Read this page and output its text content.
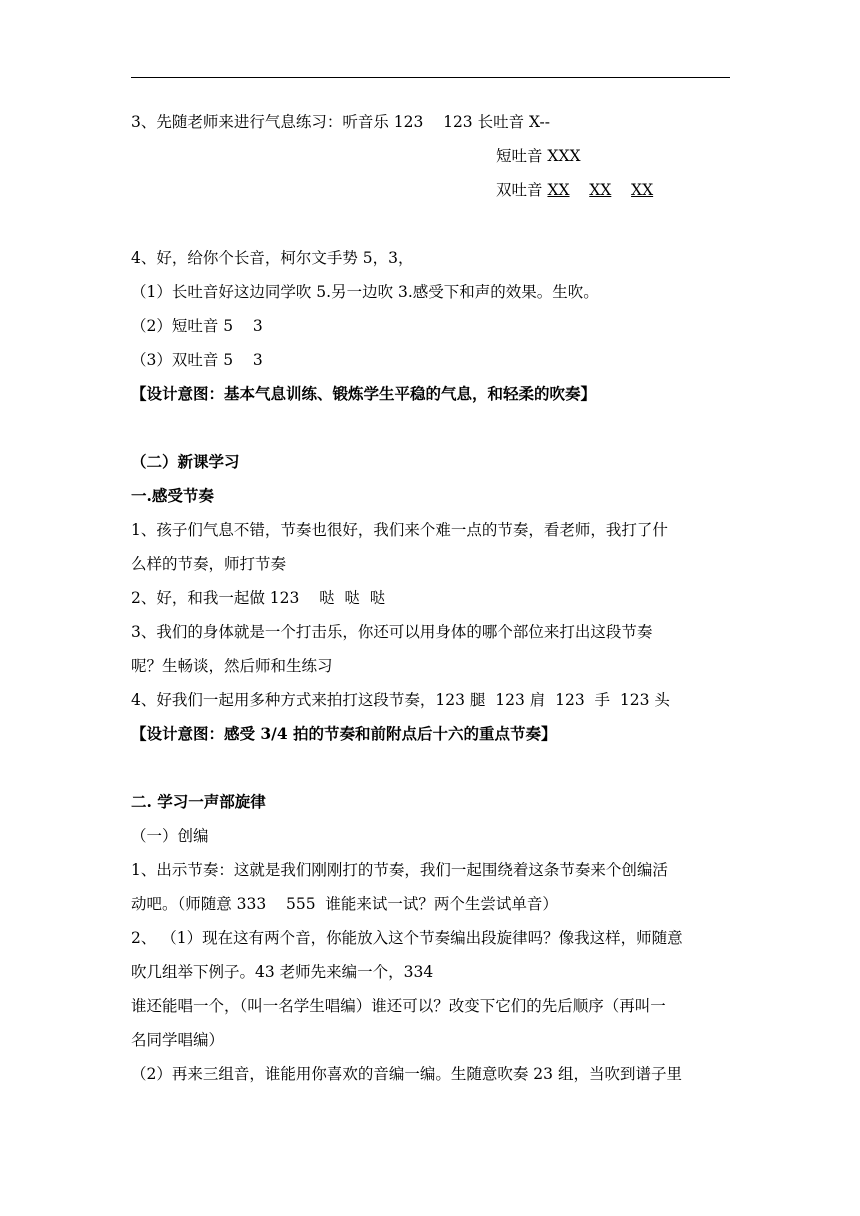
3、先随老师来进行气息练习：听音乐 123    123 长吐音 X--
短吐音 XXX
双吐音 XX XX XX
4、好，给你个长音，柯尔文手势 5，3，
（1）长吐音好这边同学吹 5.另一边吹 3.感受下和声的效果。生吹。
（2）短吐音 5    3
（3）双吐音 5    3
【设计意图：基本气息训练、锻炼学生平稳的气息，和轻柔的吹奏】
（二）新课学习
一.感受节奏
1、孩子们气息不错，节奏也很好，我们来个难一点的节奏，看老师，我打了什
么样的节奏，师打节奏
2、好，和我一起做 123    哒  哒  哒
3、我们的身体就是一个打击乐，你还可以用身体的哪个部位来打出这段节奏
呢？生畅谈，然后师和生练习
4、好我们一起用多种方式来拍打这段节奏，123 腿  123 肩  123  手  123 头
【设计意图：感受 3/4 拍的节奏和前附点后十六的重点节奏】
二. 学习一声部旋律
（一）创编
1、出示节奏：这就是我们刚刚打的节奏，我们一起围绕着这条节奏来个创编活
动吧。（师随意 333    555  谁能来试一试？两个生尝试单音）
2、 （1）现在这有两个音，你能放入这个节奏编出段旋律吗？像我这样，师随意
吹几组举下例子。43 老师先来编一个，334
谁还能唱一个，（叫一名学生唱编）谁还可以？改变下它们的先后顺序（再叫一
名同学唱编）
（2）再来三组音，谁能用你喜欢的音编一编。生随意吹奏 23 组，当吹到谱子里
